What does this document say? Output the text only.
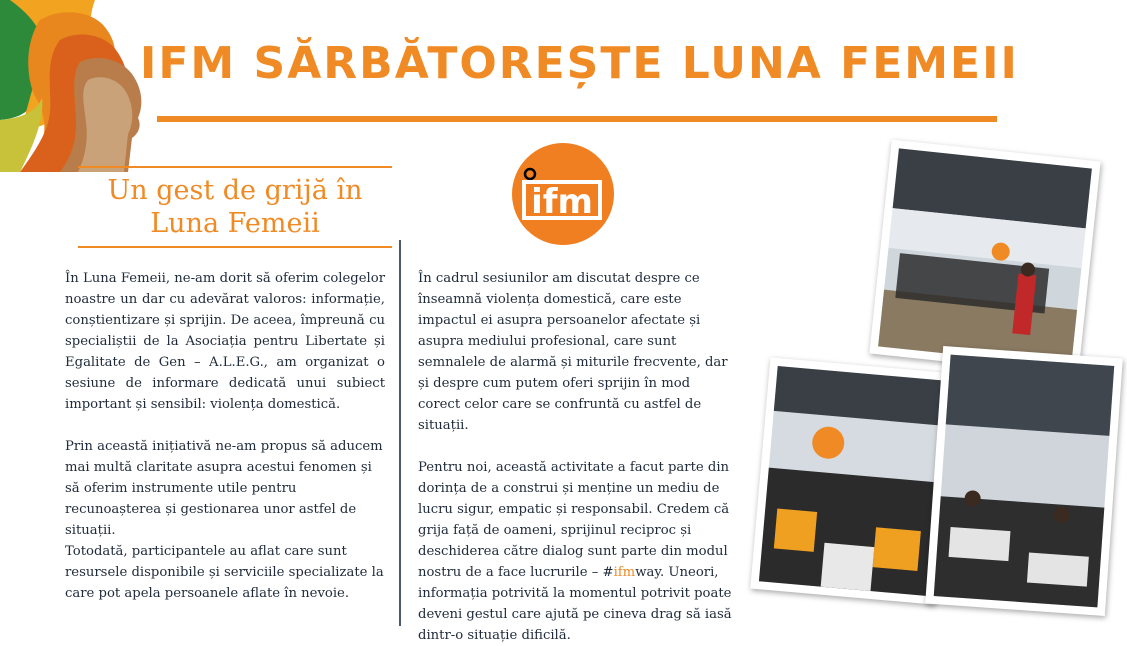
IFM SĂRBĂTOREȘTE LUNA FEMEII
Un gest de grijă în
Luna Femeii
ifm

În Luna Femeii, ne-am dorit să oferim colegelor noastre un dar cu adevărat valoros: informație, conștientizare și sprijin. De aceea, împreună cu specialiștii de la Asociația pentru Libertate și Egalitate de Gen – A.L.E.G., am organizat o sesiune de informare dedicată unui subiect important și sensibil: violența domestică.

Prin această inițiativă ne-am propus să aducem mai multă claritate asupra acestui fenomen și să oferim instrumente utile pentru recunoașterea și gestionarea unor astfel de situații.

Totodată, participantele au aflat care sunt resursele disponibile și serviciile specializate la care pot apela persoanele aflate în nevoie.

În cadrul sesiunilor am discutat despre ce înseamnă violența domestică, care este impactul ei asupra persoanelor afectate și asupra mediului profesional, care sunt semnalele de alarmă și miturile frecvente, dar și despre cum putem oferi sprijin în mod corect celor care se confruntă cu astfel de situații.

Pentru noi, această activitate a facut parte din dorința de a construi și menține un mediu de lucru sigur, empatic și responsabil. Credem că grija față de oameni, sprijinul reciproc și deschiderea către dialog sunt parte din modul nostru de a face lucrurile – #ifmway. Uneori, informația potrivită la momentul potrivit poate deveni gestul care ajută pe cineva drag să iasă dintr-o situație dificilă.
